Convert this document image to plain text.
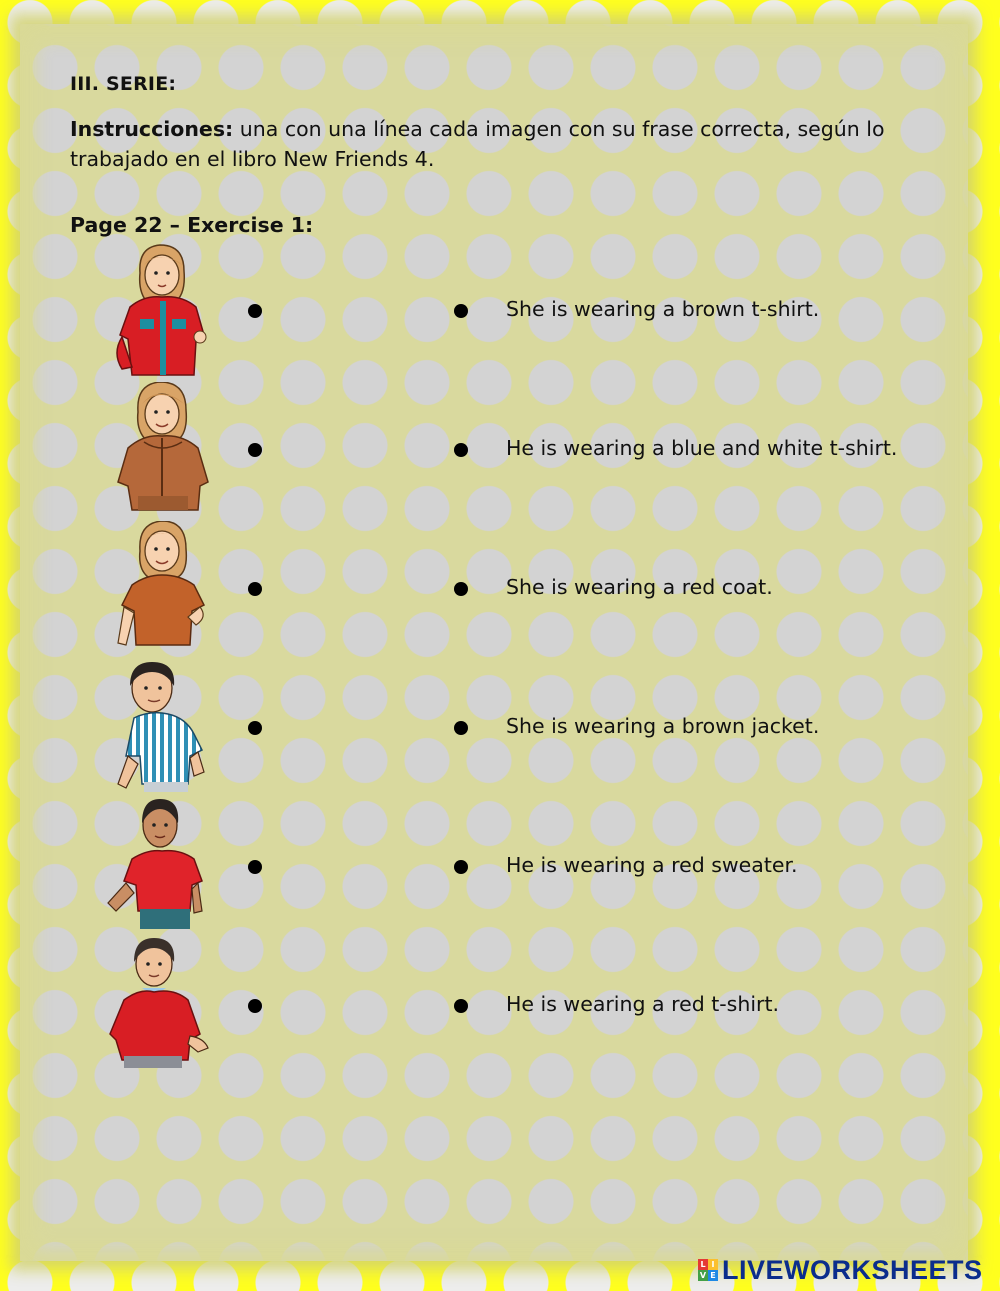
III. SERIE:
Instrucciones: una con una línea cada imagen con su frase correcta, según lo trabajado en el libro New Friends 4.
Page 22 – Exercise 1:
She is wearing a brown t-shirt.
He is wearing a blue and white t-shirt.
She is wearing a red coat.
She is wearing a brown jacket.
He is wearing a red sweater.
He is wearing a red t-shirt.
L I
V E LIVEWORKSHEETS
